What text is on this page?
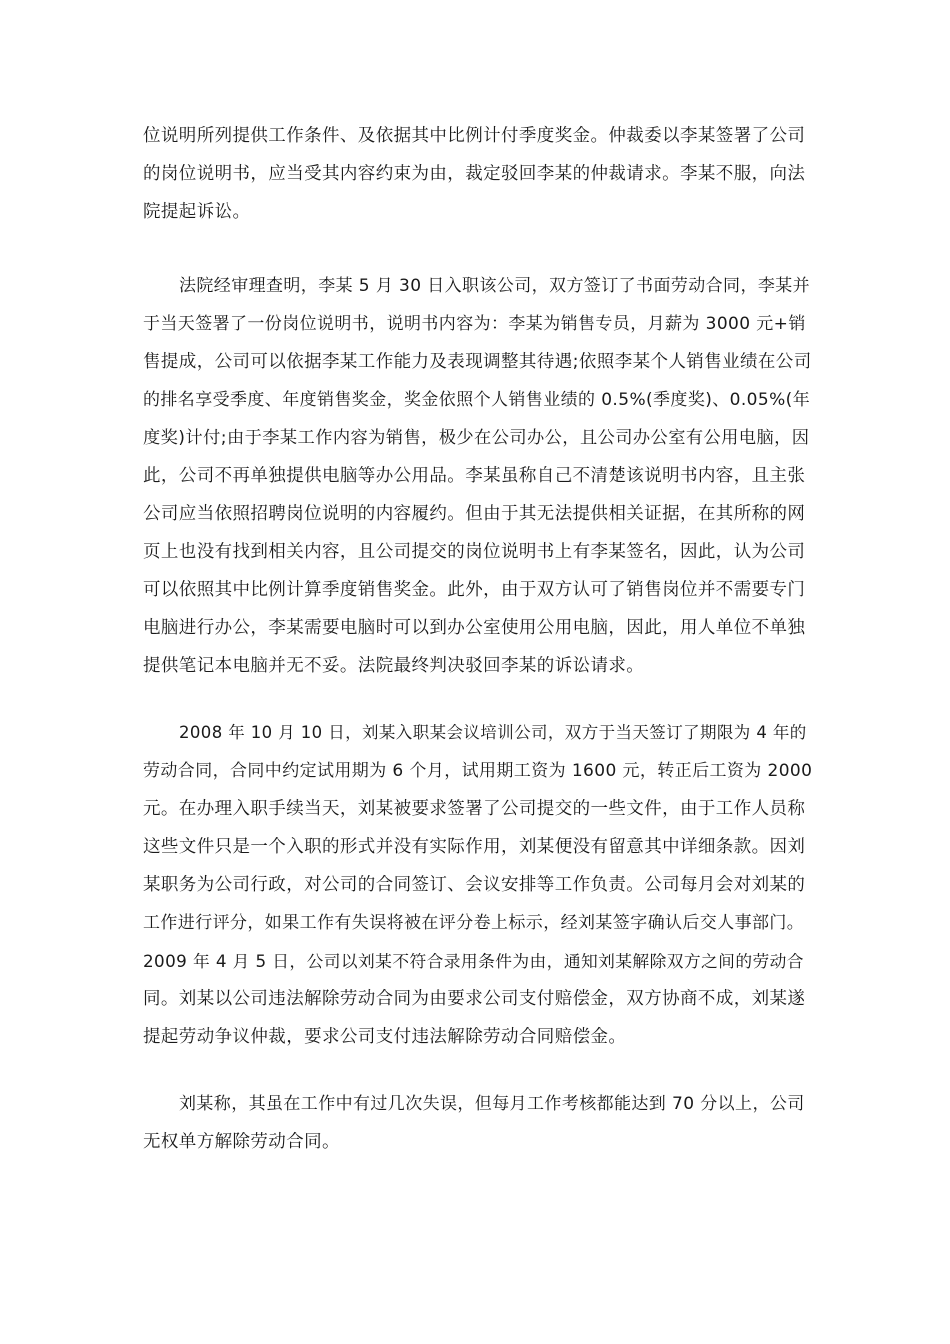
位说明所列提供工作条件、及依据其中比例计付季度奖金。仲裁委以李某签署了公司
的岗位说明书，应当受其内容约束为由，裁定驳回李某的仲裁请求。李某不服，向法
院提起诉讼。
法院经审理查明，李某 5 月 30 日入职该公司，双方签订了书面劳动合同，李某并
于当天签署了一份岗位说明书，说明书内容为：李某为销售专员，月薪为 3000 元+销
售提成，公司可以依据李某工作能力及表现调整其待遇;依照李某个人销售业绩在公司
的排名享受季度、年度销售奖金，奖金依照个人销售业绩的 0.5%(季度奖)、0.05%(年
度奖)计付;由于李某工作内容为销售，极少在公司办公，且公司办公室有公用电脑，因
此，公司不再单独提供电脑等办公用品。李某虽称自己不清楚该说明书内容，且主张
公司应当依照招聘岗位说明的内容履约。但由于其无法提供相关证据，在其所称的网
页上也没有找到相关内容，且公司提交的岗位说明书上有李某签名，因此，认为公司
可以依照其中比例计算季度销售奖金。此外，由于双方认可了销售岗位并不需要专门
电脑进行办公，李某需要电脑时可以到办公室使用公用电脑，因此，用人单位不单独
提供笔记本电脑并无不妥。法院最终判决驳回李某的诉讼请求。
2008 年 10 月 10 日，刘某入职某会议培训公司，双方于当天签订了期限为 4 年的
劳动合同，合同中约定试用期为 6 个月，试用期工资为 1600 元，转正后工资为 2000
元。在办理入职手续当天，刘某被要求签署了公司提交的一些文件，由于工作人员称
这些文件只是一个入职的形式并没有实际作用，刘某便没有留意其中详细条款。因刘
某职务为公司行政，对公司的合同签订、会议安排等工作负责。公司每月会对刘某的
工作进行评分，如果工作有失误将被在评分卷上标示，经刘某签字确认后交人事部门。
2009 年 4 月 5 日，公司以刘某不符合录用条件为由，通知刘某解除双方之间的劳动合
同。刘某以公司违法解除劳动合同为由要求公司支付赔偿金，双方协商不成，刘某遂
提起劳动争议仲裁，要求公司支付违法解除劳动合同赔偿金。
刘某称，其虽在工作中有过几次失误，但每月工作考核都能达到 70 分以上，公司
无权单方解除劳动合同。
